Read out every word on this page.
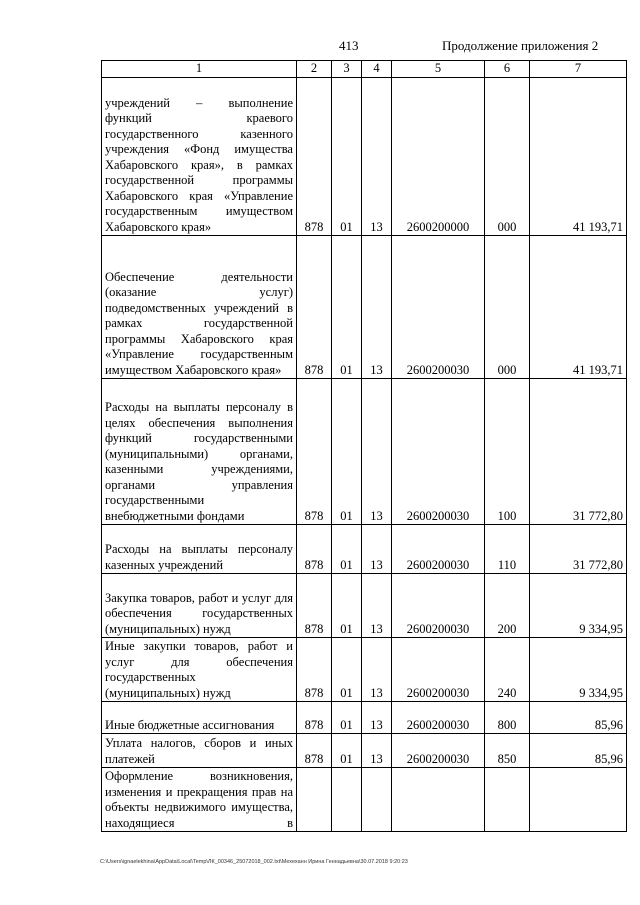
413	Продолжение приложения 2
1	2	3	4	5	6	7
учреждений – выполнение функций краевого государственного казенного учреждения «Фонд имущества Хабаровского края», в рамках государственной программы Хабаровского края «Управление государственным имуществом Хабаровского края»	878	01	13	2600200000	000	41 193,71
Обеспечение деятельности (оказание услуг) подведомственных учреждений в рамках государственной программы Хабаровского края «Управление государственным имуществом Хабаровского края»	878	01	13	2600200030	000	41 193,71
Расходы на выплаты персоналу в целях обеспечения выполнения функций государственными (муниципальными) органами, казенными учреждениями, органами управления государственными внебюджетными фондами	878	01	13	2600200030	100	31 772,80
Расходы на выплаты персоналу казенных учреждений	878	01	13	2600200030	110	31 772,80
Закупка товаров, работ и услуг для обеспечения государственных (муниципальных) нужд	878	01	13	2600200030	200	9 334,95
Иные закупки товаров, работ и услуг для обеспечения государственных (муниципальных) нужд	878	01	13	2600200030	240	9 334,95
Иные бюджетные ассигнования	878	01	13	2600200030	800	85,96
Уплата налогов, сборов и иных платежей	878	01	13	2600200030	850	85,96
Оформление возникновения, изменения и прекращения прав на объекты недвижимого имущества, находящиеся в						
C:\Users\ignaelekhina\AppData\Local\Temp\ЛК_00346_25072018_002.txt\Мехеханн Ирина Геннадьевна\30.07.2018 9:20:23
